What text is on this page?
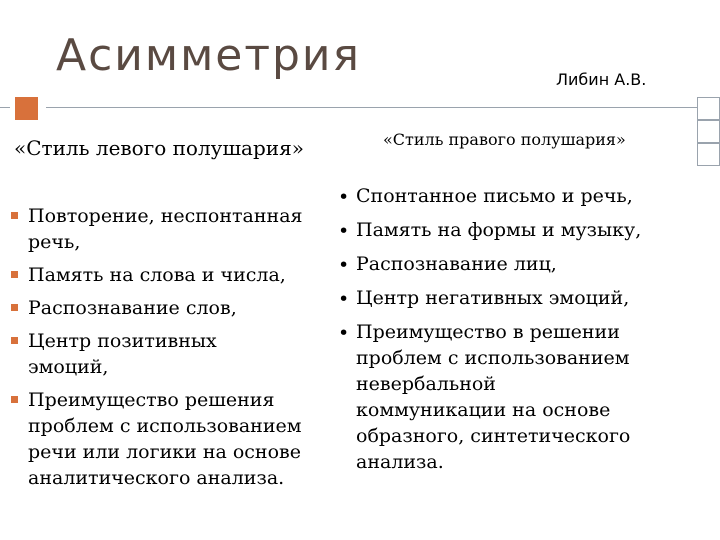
Асимметрия	Либин А.В.
«Стиль левого полушария»	«Стиль правого полушария»
Повторение, неспонтанная речь,
Память на слова и числа,
Распознавание слов,
Центр позитивных эмоций,
Преимущество решения проблем с использованием речи или логики на основе аналитического анализа.
• Спонтанное письмо и речь,
• Память на формы и музыку,
• Распознавание лиц,
• Центр негативных эмоций,
• Преимущество в решении проблем с использованием невербальной коммуникации на основе образного, синтетического анализа.
